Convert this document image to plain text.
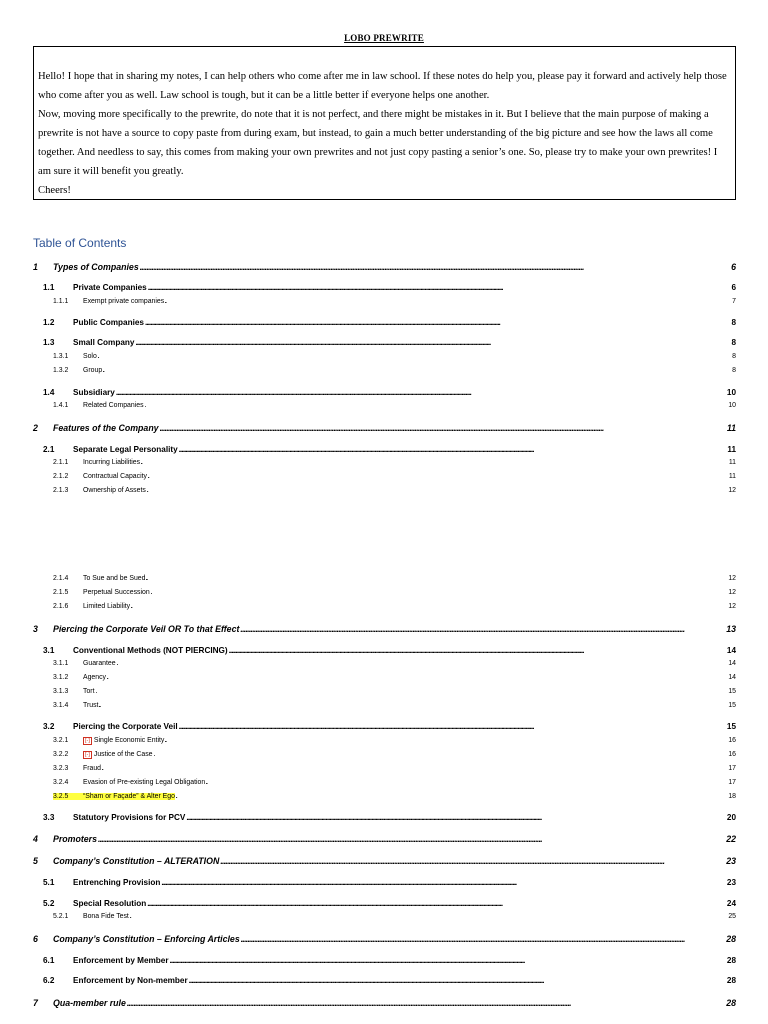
LOBO PREWRITE

Hello! I hope that in sharing my notes, I can help others who come after me in law school. If these notes do help you, please pay it forward and actively help those who come after you as well. Law school is tough, but it can be a little better if everyone helps one another.

Now, moving more specifically to the prewrite, do note that it is not perfect, and there might be mistakes in it. But I believe that the main purpose of making a prewrite is not have a source to copy paste from during exam, but instead, to gain a much better understanding of the big picture and see how the laws all come together. And needless to say, this comes from making your own prewrites and not just copy pasting a senior’s one. So, please try to make your own prewrites! I am sure it will benefit you greatly.

Cheers!

Table of Contents
1	Types of Companies . . .	6
1.1	Private Companies . . .	6
1.1.1	Exempt private companies . . .	7
1.2	Public Companies . . .	8
1.3	Small Company . . .	8
1.3.1	Solo . . .	8
1.3.2	Group . . .	8
1.4	Subsidiary . . .	10
1.4.1	Related Companies . . .	10
2	Features of the Company . . .	11
2.1	Separate Legal Personality . . .	11
2.1.1	Incurring Liabilities . . .	11
2.1.2	Contractual Capacity . . .	11
2.1.3	Ownership of Assets . . .	12
2.1.4	To Sue and be Sued . . .	12
2.1.5	Perpetual Succession . . .	12
2.1.6	Limited Liability . . .	12
3	Piercing the Corporate Veil OR To that Effect . . .	13
3.1	Conventional Methods (NOT PIERCING) . . .	14
3.1.1	Guarantee . . .	14
3.1.2	Agency . . .	14
3.1.3	Tort . . .	15
3.1.4	Trust . . .	15
3.2	Piercing the Corporate Veil . . .	15
3.2.1	[-] Single Economic Entity . . .	16
3.2.2	[-] Justice of the Case . . .	16
3.2.3	Fraud . . .	17
3.2.4	Evasion of Pre-existing Legal Obligation . . .	17
3.2.5	“Sham or Façade” & Alter Ego . . .	18
3.3	Statutory Provisions for PCV . . .	20
4	Promoters . . .	22
5	Company’s Constitution – ALTERATION . . .	23
5.1	Entrenching Provision . . .	23
5.2	Special Resolution . . .	24
5.2.1	Bona Fide Test . . .	25
6	Company’s Constitution – Enforcing Articles . . .	28
6.1	Enforcement by Member . . .	28
6.2	Enforcement by Non-member . . .	28
7	Qua-member rule . . .	28
